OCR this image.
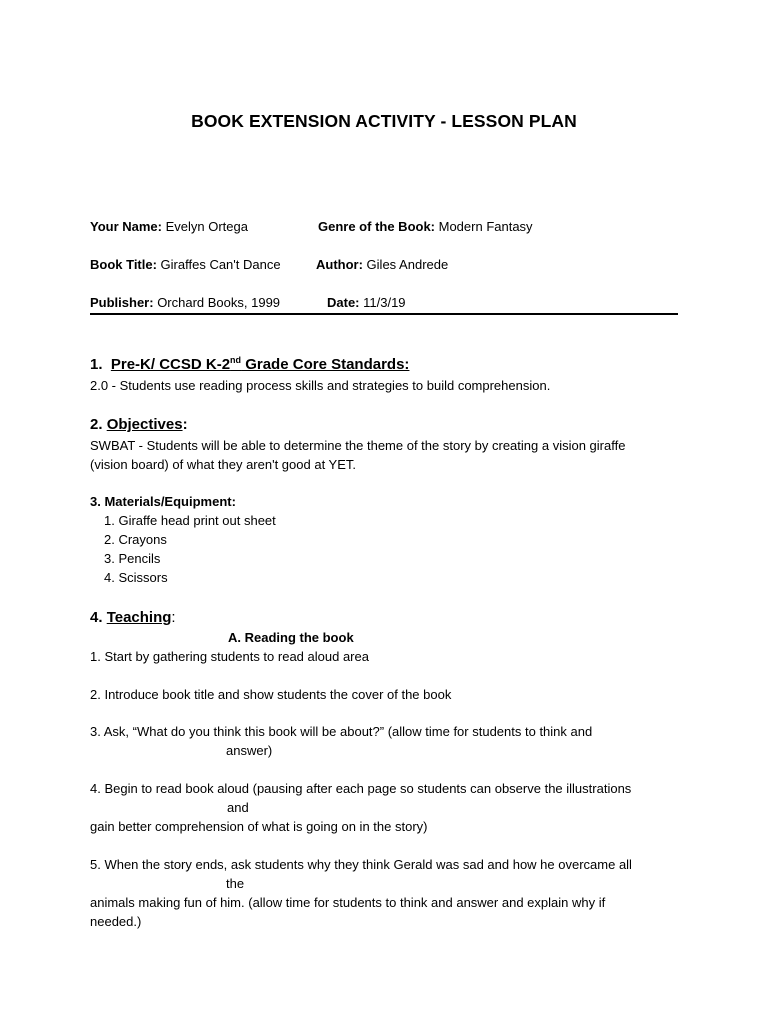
BOOK EXTENSION ACTIVITY - LESSON PLAN
Your Name: Evelyn Ortega	Genre of the Book: Modern Fantasy
Book Title: Giraffes Can't Dance	Author: Giles Andrede
Publisher: Orchard Books, 1999	Date: 11/3/19
1. Pre-K/ CCSD K-2nd Grade Core Standards:
2.0 - Students use reading process skills and strategies to build comprehension.
2. Objectives:
SWBAT - Students will be able to determine the theme of the story by creating a vision giraffe
(vision board) of what they aren't good at YET.
3. Materials/Equipment:
1. Giraffe head print out sheet
2. Crayons
3. Pencils
4. Scissors
4. Teaching:
A. Reading the book
1. Start by gathering students to read aloud area
2. Introduce book title and show students the cover of the book
3. Ask, “What do you think this book will be about?” (allow time for students to think and
answer)
4. Begin to read book aloud (pausing after each page so students can observe the illustrations
and
gain better comprehension of what is going on in the story)
5. When the story ends, ask students why they think Gerald was sad and how he overcame all
the
animals making fun of him. (allow time for students to think and answer and explain why if
needed.)
